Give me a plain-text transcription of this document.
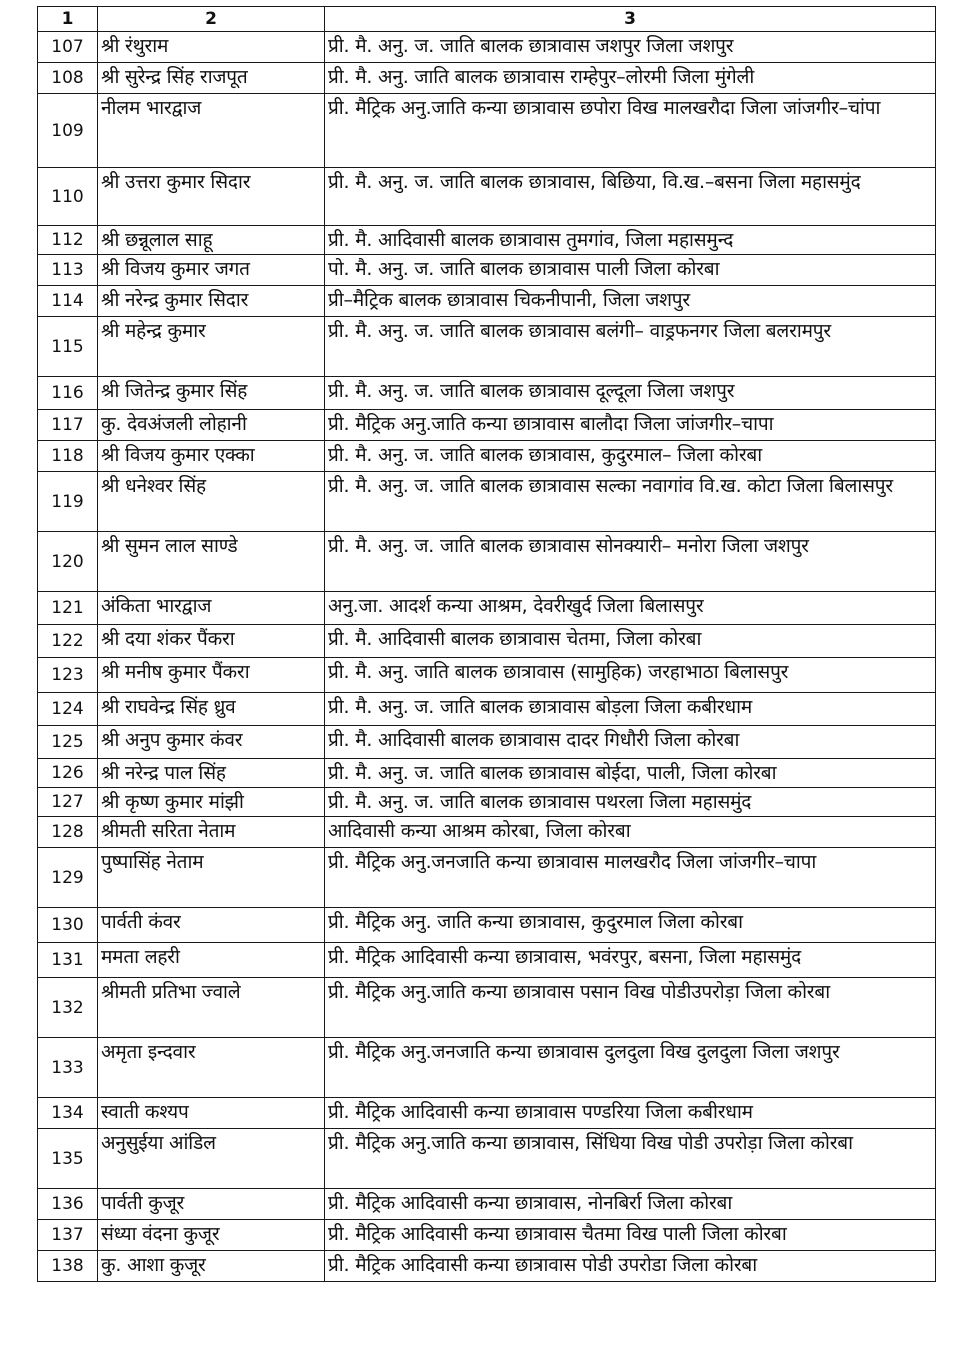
1	2	3
107	श्री रंथुराम	प्री. मै. अनु. ज. जाति बालक छात्रावास जशपुर जिला जशपुर
108	श्री सुरेन्द्र सिंह राजपूत	प्री. मै. अनु. जाति बालक छात्रावास राम्हेपुर–लोरमी जिला मुंगेली
109	नीलम भारद्वाज	प्री. मैट्रिक अनु.जाति कन्या छात्रावास छपोरा विख मालखरौदा जिला जांजगीर–चांपा
110	श्री उत्तरा कुमार सिदार	प्री. मै. अनु. ज. जाति बालक छात्रावास, बिछिया, वि.ख.–बसना जिला महासमुंद
112	श्री छन्नूलाल साहू	प्री. मै. आदिवासी बालक छात्रावास तुमगांव, जिला महासमुन्द
113	श्री विजय कुमार जगत	पो. मै. अनु. ज. जाति बालक छात्रावास पाली जिला कोरबा
114	श्री नरेन्द्र कुमार सिदार	प्री–मैट्रिक बालक छात्रावास चिकनीपानी, जिला जशपुर
115	श्री महेन्द्र कुमार	प्री. मै. अनु. ज. जाति बालक छात्रावास बलंगी– वाड्रफनगर जिला बलरामपुर
116	श्री जितेन्द्र कुमार सिंह	प्री. मै. अनु. ज. जाति बालक छात्रावास दूल्दूला जिला जशपुर
117	कु. देवअंजली लोहानी	प्री. मैट्रिक अनु.जाति कन्या छात्रावास बालौदा जिला जांजगीर–चापा
118	श्री विजय कुमार एक्का	प्री. मै. अनु. ज. जाति बालक छात्रावास, कुदुरमाल– जिला कोरबा
119	श्री धनेश्वर सिंह	प्री. मै. अनु. ज. जाति बालक छात्रावास सल्का नवागांव वि.ख. कोटा जिला बिलासपुर
120	श्री सुमन लाल साण्डे	प्री. मै. अनु. ज. जाति बालक छात्रावास सोनक्यारी– मनोरा जिला जशपुर
121	अंकिता भारद्वाज	अनु.जा. आदर्श कन्या आश्रम, देवरीखुर्द जिला बिलासपुर
122	श्री दया शंकर पैंकरा	प्री. मै. आदिवासी बालक छात्रावास चेतमा, जिला कोरबा
123	श्री मनीष कुमार पैंकरा	प्री. मै. अनु. जाति बालक छात्रावास (सामुहिक) जरहाभाठा बिलासपुर
124	श्री राघवेन्द्र सिंह ध्रुव	प्री. मै. अनु. ज. जाति बालक छात्रावास बोड़ला जिला कबीरधाम
125	श्री अनुप कुमार कंवर	प्री. मै. आदिवासी बालक छात्रावास दादर गिधौरी जिला कोरबा
126	श्री नरेन्द्र पाल सिंह	प्री. मै. अनु. ज. जाति बालक छात्रावास बोईदा, पाली, जिला कोरबा
127	श्री कृष्ण कुमार मांझी	प्री. मै. अनु. ज. जाति बालक छात्रावास पथरला जिला महासमुंद
128	श्रीमती सरिता नेताम	आदिवासी कन्या आश्रम कोरबा, जिला कोरबा
129	पुष्पासिंह नेताम	प्री. मैट्रिक अनु.जनजाति कन्या छात्रावास मालखरौद जिला जांजगीर–चापा
130	पार्वती कंवर	प्री. मैट्रिक अनु. जाति कन्या छात्रावास, कुदुरमाल जिला कोरबा
131	ममता लहरी	प्री. मैट्रिक आदिवासी कन्या छात्रावास, भवंरपुर, बसना, जिला महासमुंद
132	श्रीमती प्रतिभा ज्वाले	प्री. मैट्रिक अनु.जाति कन्या छात्रावास पसान विख पोडीउपरोड़ा जिला कोरबा
133	अमृता इन्दवार	प्री. मैट्रिक अनु.जनजाति कन्या छात्रावास दुलदुला विख दुलदुला जिला जशपुर
134	स्वाती कश्यप	प्री. मैट्रिक आदिवासी कन्या छात्रावास पण्डरिया जिला कबीरधाम
135	अनुसुईया आंडिल	प्री. मैट्रिक अनु.जाति कन्या छात्रावास, सिंधिया विख पोडी उपरोड़ा जिला कोरबा
136	पार्वती कुजूर	प्री. मैट्रिक आदिवासी कन्या छात्रावास, नोनबिर्रा जिला कोरबा
137	संध्या वंदना कुजूर	प्री. मैट्रिक आदिवासी कन्या छात्रावास चैतमा विख पाली जिला कोरबा
138	कु. आशा कुजूर	प्री. मैट्रिक आदिवासी कन्या छात्रावास पोडी उपरोडा जिला कोरबा
